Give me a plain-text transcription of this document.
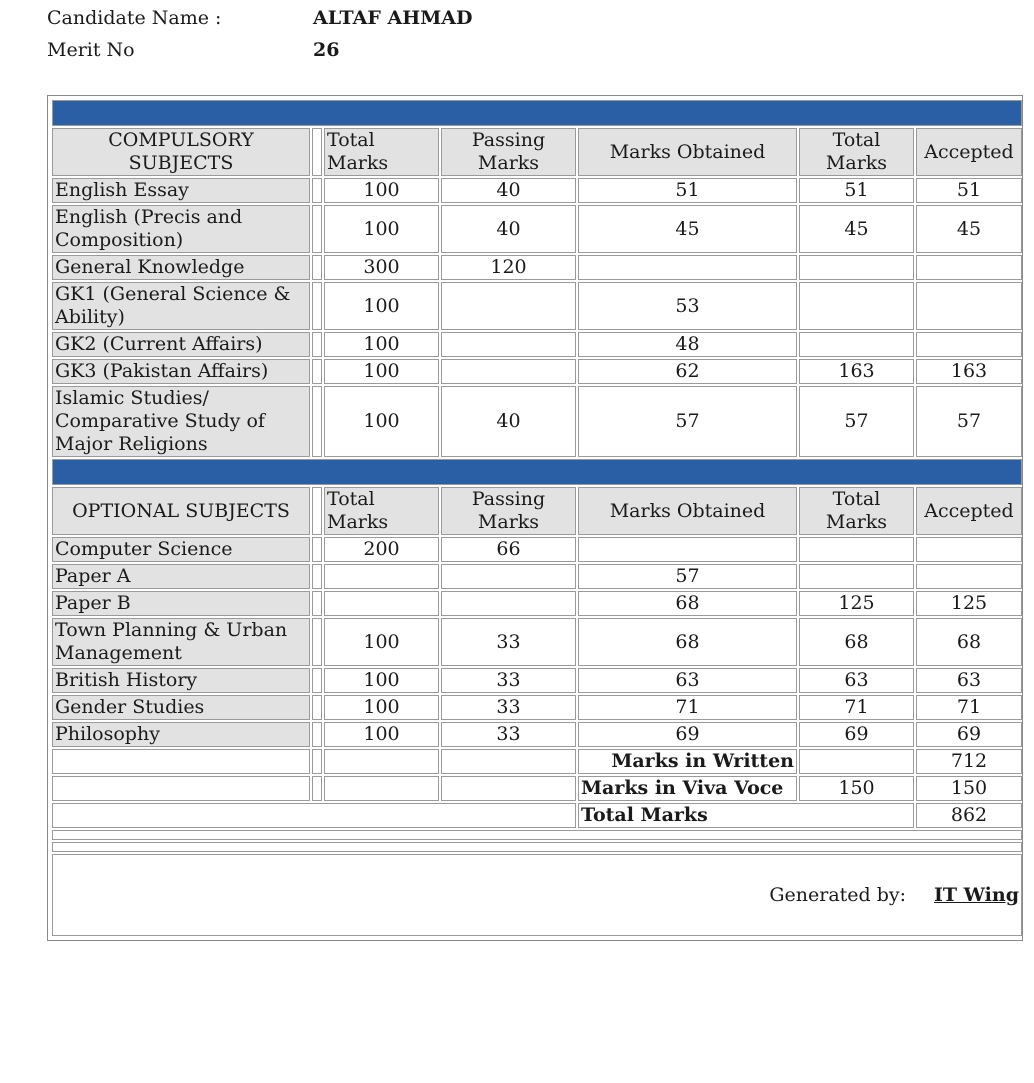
Candidate Name :	ALTAF AHMAD
Merit No	26

COMPULSORY SUBJECTS		Total Marks	Passing Marks	Marks Obtained	Total Marks	Accepted
English Essay		100	40	51	51	51
English (Precis and Composition)		100	40	45	45	45
General Knowledge		300	120			
GK1 (General Science & Ability)		100		53		
GK2 (Current Affairs)		100		48		
GK3 (Pakistan Affairs)		100		62	163	163
Islamic Studies/ Comparative Study of Major Religions		100	40	57	57	57

OPTIONAL SUBJECTS		Total Marks	Passing Marks	Marks Obtained	Total Marks	Accepted
Computer Science		200	66			
Paper A				57		
Paper B				68	125	125
Town Planning & Urban Management		100	33	68	68	68
British History		100	33	63	63	63
Gender Studies		100	33	71	71	71
Philosophy		100	33	69	69	69
				Marks in Written		712
				Marks in Viva Voce	150	150
				Total Marks		862

Generated by: IT Wing						
